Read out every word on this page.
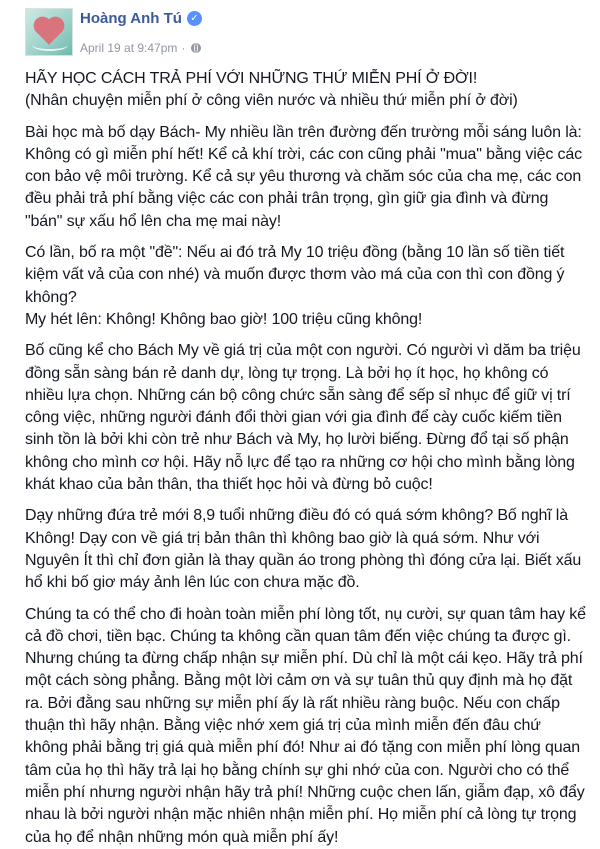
Hoàng Anh Tú ✓
April 19 at 9:47pm ·

HÃY HỌC CÁCH TRẢ PHÍ VỚI NHỮNG THỨ MIỄN PHÍ Ở ĐỜI!
(Nhân chuyện miễn phí ở công viên nước và nhiều thứ miễn phí ở đời)

Bài học mà bố dạy Bách- My nhiều lần trên đường đến trường mỗi sáng luôn là: Không có gì miễn phí hết! Kể cả khí trời, các con cũng phải "mua" bằng việc các con bảo vệ môi trường. Kể cả sự yêu thương và chăm sóc của cha mẹ, các con đều phải trả phí bằng việc các con phải trân trọng, gìn giữ gia đình và đừng "bán" sự xấu hổ lên cha mẹ mai này!

Có lần, bố ra một "đề": Nếu ai đó trả My 10 triệu đồng (bằng 10 lần số tiền tiết kiệm vất vả của con nhé) và muốn được thơm vào má của con thì con đồng ý không?
My hét lên: Không! Không bao giờ! 100 triệu cũng không!

Bố cũng kể cho Bách My về giá trị của một con người. Có người vì dăm ba triệu đồng sẵn sàng bán rẻ danh dự, lòng tự trọng. Là bởi họ ít học, họ không có nhiều lựa chọn. Những cán bộ công chức sẵn sàng để sếp sỉ nhục để giữ vị trí công việc, những người đánh đổi thời gian với gia đình để cày cuốc kiếm tiền sinh tồn là bởi khi còn trẻ như Bách và My, họ lười biếng. Đừng đổ tại số phận không cho mình cơ hội. Hãy nỗ lực để tạo ra những cơ hội cho mình bằng lòng khát khao của bản thân, tha thiết học hỏi và đừng bỏ cuộc!

Dạy những đứa trẻ mới 8,9 tuổi những điều đó có quá sớm không? Bố nghĩ là Không! Dạy con về giá trị bản thân thì không bao giờ là quá sớm. Như với Nguyên Ít thì chỉ đơn giản là thay quần áo trong phòng thì đóng cửa lại. Biết xấu hổ khi bố giơ máy ảnh lên lúc con chưa mặc đồ.

Chúng ta có thể cho đi hoàn toàn miễn phí lòng tốt, nụ cười, sự quan tâm hay kể cả đồ chơi, tiền bạc. Chúng ta không cần quan tâm đến việc chúng ta được gì. Nhưng chúng ta đừng chấp nhận sự miễn phí. Dù chỉ là một cái kẹo. Hãy trả phí một cách sòng phẳng. Bằng một lời cảm ơn và sự tuân thủ quy định mà họ đặt ra. Bởi đằng sau những sự miễn phí ấy là rất nhiều ràng buộc. Nếu con chấp thuận thì hãy nhận. Bằng việc nhớ xem giá trị của mình miễn đến đâu chứ không phải bằng trị giá quà miễn phí đó! Như ai đó tặng con miễn phí lòng quan tâm của họ thì hãy trả lại họ bằng chính sự ghi nhớ của con. Người cho có thể miễn phí nhưng người nhận hãy trả phí! Những cuộc chen lấn, giẫm đạp, xô đẩy nhau là bởi người nhận mặc nhiên nhận miễn phí. Họ miễn phí cả lòng tự trọng của họ để nhận những món quà miễn phí ấy!
